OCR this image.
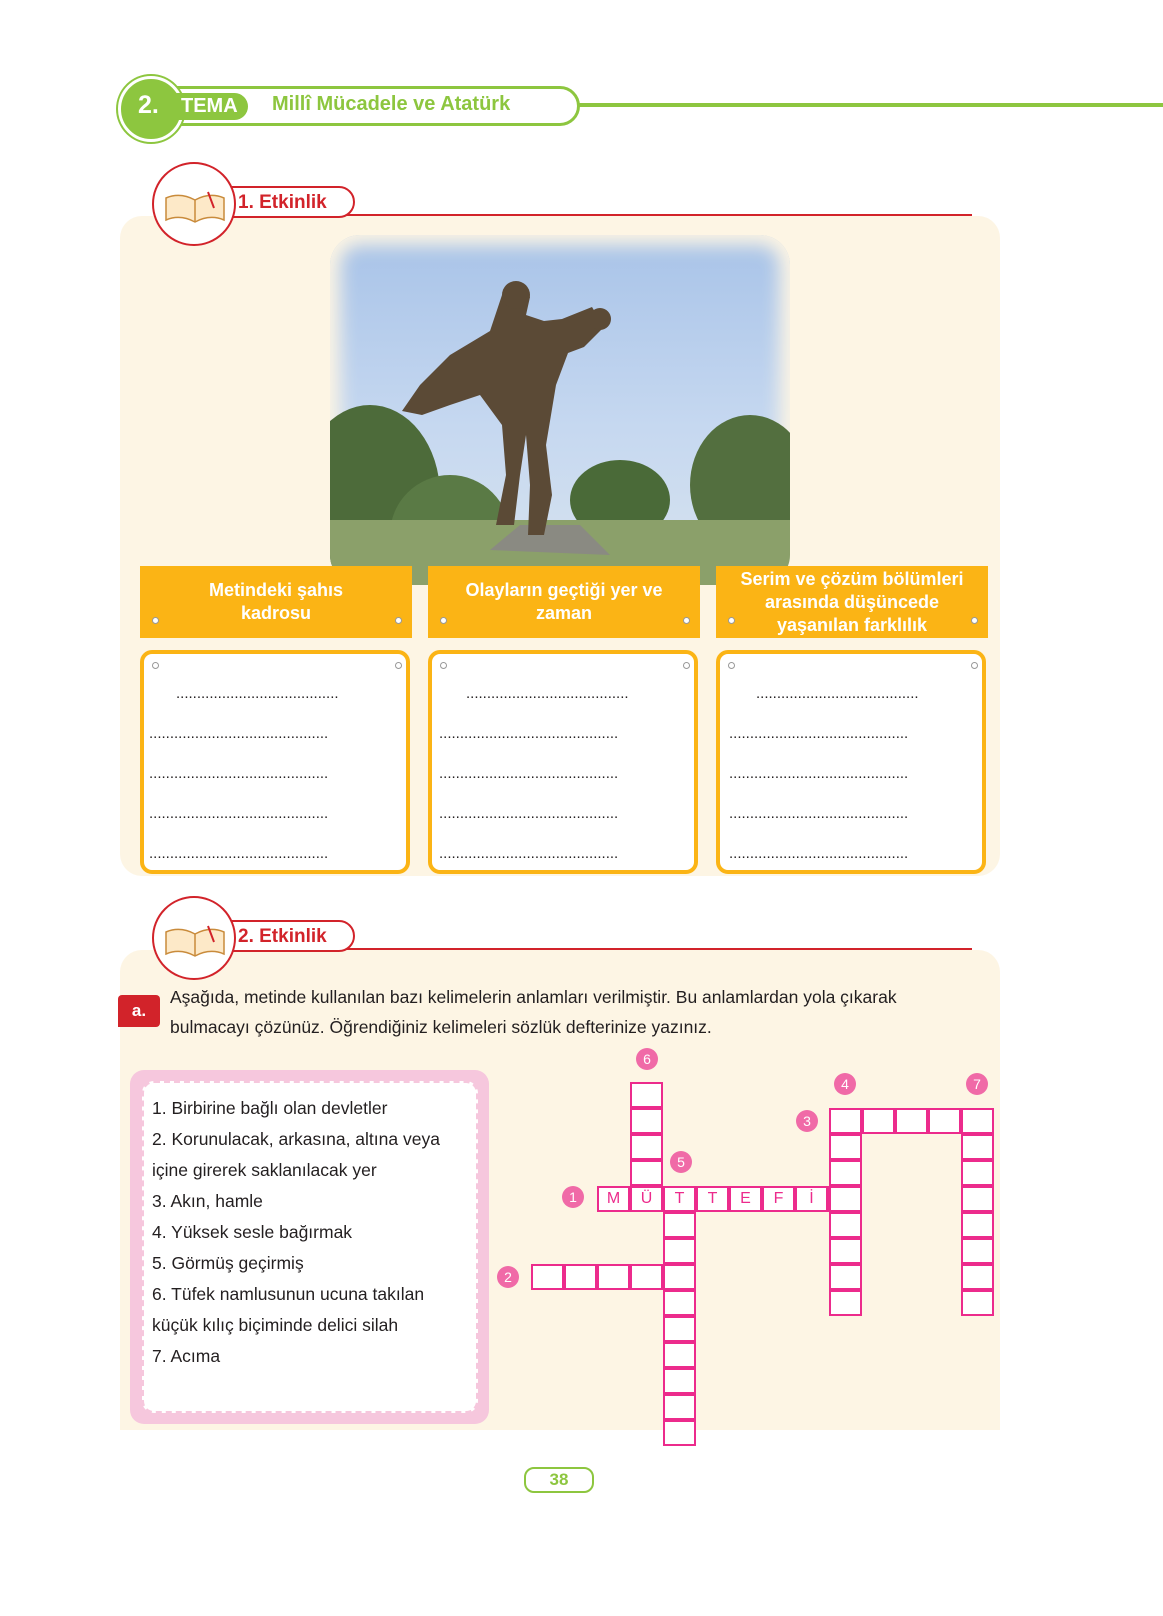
2.	TEMA	Millî Mücadele ve Atatürk
1. Etkinlik
Metindeki şahıs kadrosu
Olayların geçtiği yer ve zaman
Serim ve çözüm bölümleri arasında düşüncede yaşanılan farklılık
.......................................
...........................................
...........................................
...........................................
...........................................
.......................................
...........................................
...........................................
...........................................
...........................................
.......................................
...........................................
...........................................
...........................................
...........................................
2. Etkinlik
a.
Aşağıda, metinde kullanılan bazı kelimelerin anlamları verilmiştir. Bu anlamlardan yola çıkarak
bulmacayı çözünüz. Öğrendiğiniz kelimeleri sözlük defterinize yazınız.
1. Birbirine bağlı olan devletler
2. Korunulacak, arkasına, altına veya
içine girerek saklanılacak yer
3. Akın, hamle
4. Yüksek sesle bağırmak
5. Görmüş geçirmiş
6. Tüfek namlusunun ucuna takılan
küçük kılıç biçiminde delici silah
7. Acıma
M	Ü	T	T	E	F	İ
1
2
3
4
5
6
7
38
